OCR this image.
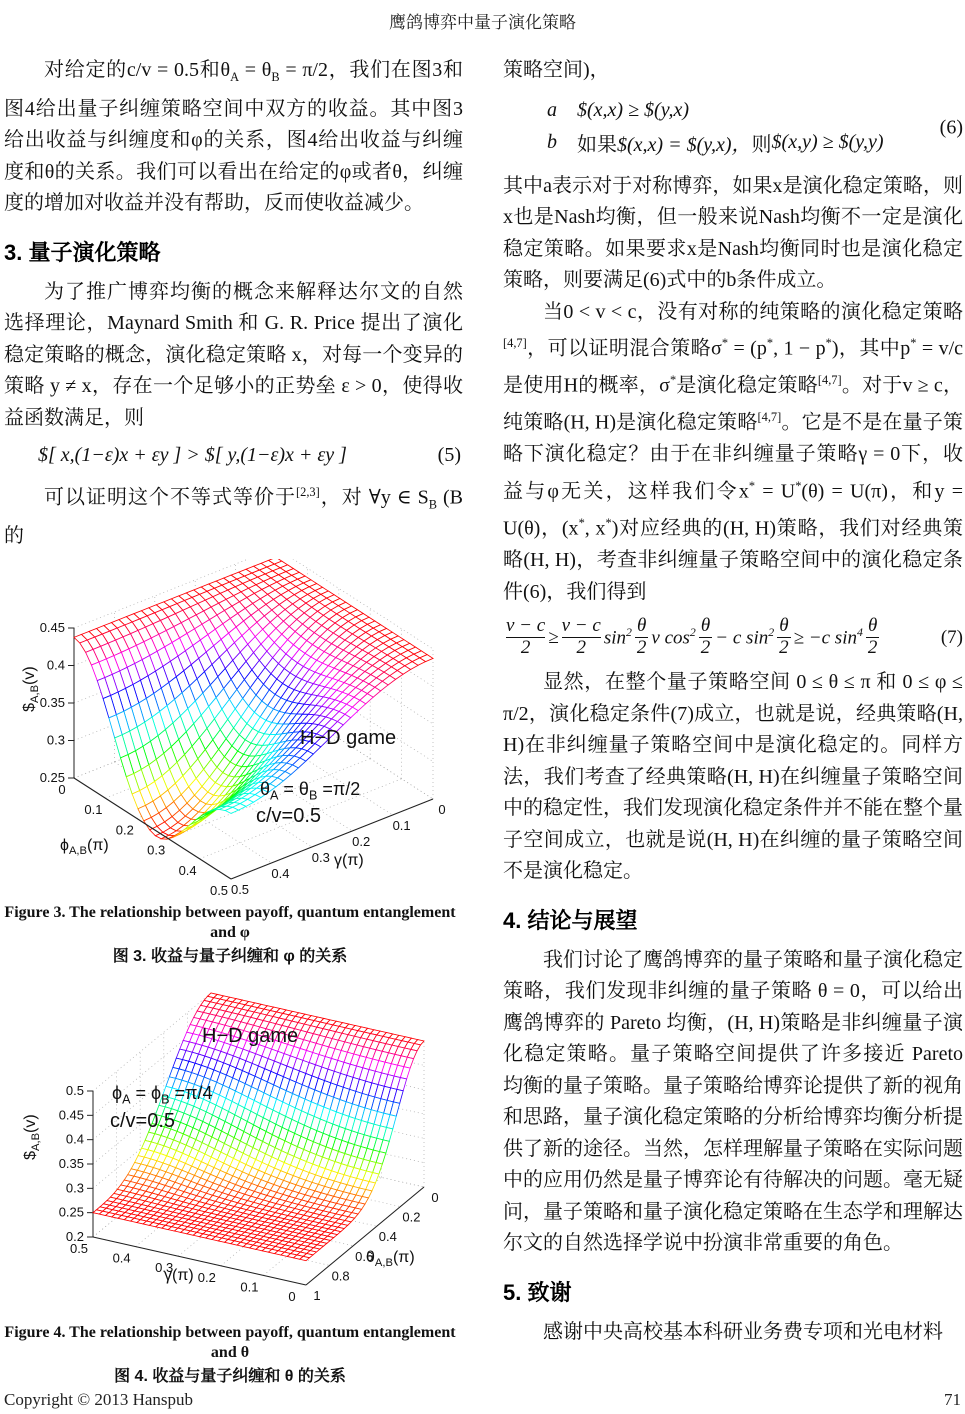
鹰鸽博弈中量子演化策略

对给定的c/v = 0.5和$\theta_A = \theta_B = \pi/2$，我们在图3和图4给出量子纠缠策略空间中双方的收益。其中图3给出收益与纠缠度和φ的关系，图4给出收益与纠缠度和θ的关系。我们可以看出在给定的φ或者θ，纠缠度的增加对收益并没有帮助，反而使收益减少。

3. 量子演化策略

为了推广博弈均衡的概念来解释达尔文的自然选择理论，Maynard Smith 和 G. R. Price 提出了演化稳定策略的概念，演化稳定策略 x，对每一个变异的策略 y ≠ x，存在一个足够小的正势垒 ε > 0，使得收益函数满足，则

$[ x,(1−ε)x + εy ] > $[ y,(1−ε)x + εy ]	(5)

可以证明这个不等式等价于[2,3]，对 ∀y ∈ $S_B$ (B 的

$\$_{A,B}(v)$
$\phi_{A,B}(\pi)$
γ(π)
H−D game
$\theta_A = \theta_B =\pi/2$
c/v=0.5
Figure 3. The relationship between payoff, quantum entanglement
and φ
图 3. 收益与量子纠缠和 φ 的关系
$\$_{A,B}(v)$
γ(π)
$\theta_{A,B}(\pi)$
H−D game
$\phi_A = \phi_B =\pi/4$
c/v=0.5
Figure 4. The relationship between payoff, quantum entanglement
and θ
图 4. 收益与量子纠缠和 θ 的关系

策略空间)，

a	$(x,x) ≥ $(y,x)
b	如果 $(x,x) = $(y,x)， 则 $(x,y) ≥ $(y,y)
(6)

其中a表示对于对称博弈，如果x是演化稳定策略，则x也是Nash均衡，但一般来说Nash均衡不一定是演化稳定策略。如果要求x是Nash均衡同时也是演化稳定策略，则要满足(6)式中的b条件成立。

当0 < v < c，没有对称的纯策略的演化稳定策略[4,7]，可以证明混合策略σ* = (p*, 1 − p*)，其中p* = v/c是使用H的概率，σ*是演化稳定策略[4,7]。对于v ≥ c，纯策略(H, H)是演化稳定策略[4,7]。它是不是在量子策略下演化稳定？由于在非纠缠量子策略γ = 0下，收益与φ无关，这样我们令x* = U*(θ) = U(π)，和y = U(θ)，(x*, x*)对应经典的(H, H)策略，我们对经典策略(H, H)，考查非纠缠量子策略空间中的演化稳定条件(6)，我们得到

$\frac{v - c}{2} \ge \frac{v - c}{2} \sin^2 \theta$
2 v $\cos^2 \theta$
2 − c $\sin^2 \frac{\theta}{2} \ge -c$ $\sin^4 \theta$
2	(7)

显然，在整个量子策略空间 0 ≤ θ ≤ π 和 0 ≤ φ ≤ π/2，演化稳定条件(7)成立，也就是说，经典策略(H, H)在非纠缠量子策略空间中是演化稳定的。同样方法，我们考查了经典策略(H, H)在纠缠量子策略空间中的稳定性，我们发现演化稳定条件并不能在整个量子空间成立，也就是说(H, H)在纠缠的量子策略空间不是演化稳定。

4. 结论与展望

我们讨论了鹰鸽博弈的量子策略和量子演化稳定策略，我们发现非纠缠的量子策略 θ = 0，可以给出鹰鸽博弈的 Pareto 均衡，(H, H)策略是非纠缠量子演化稳定策略。量子策略空间提供了许多接近 Pareto 均衡的量子策略。量子策略给博弈论提供了新的视角和思路，量子演化稳定策略的分析给博弈均衡分析提供了新的途径。当然，怎样理解量子策略在实际问题中的应用仍然是量子博弈论有待解决的问题。毫无疑问，量子策略和量子演化稳定策略在生态学和理解达尔文的自然选择学说中扮演非常重要的角色。

5. 致谢

感谢中央高校基本科研业务费专项和光电材料

Copyright © 2013 Hanspub	71
